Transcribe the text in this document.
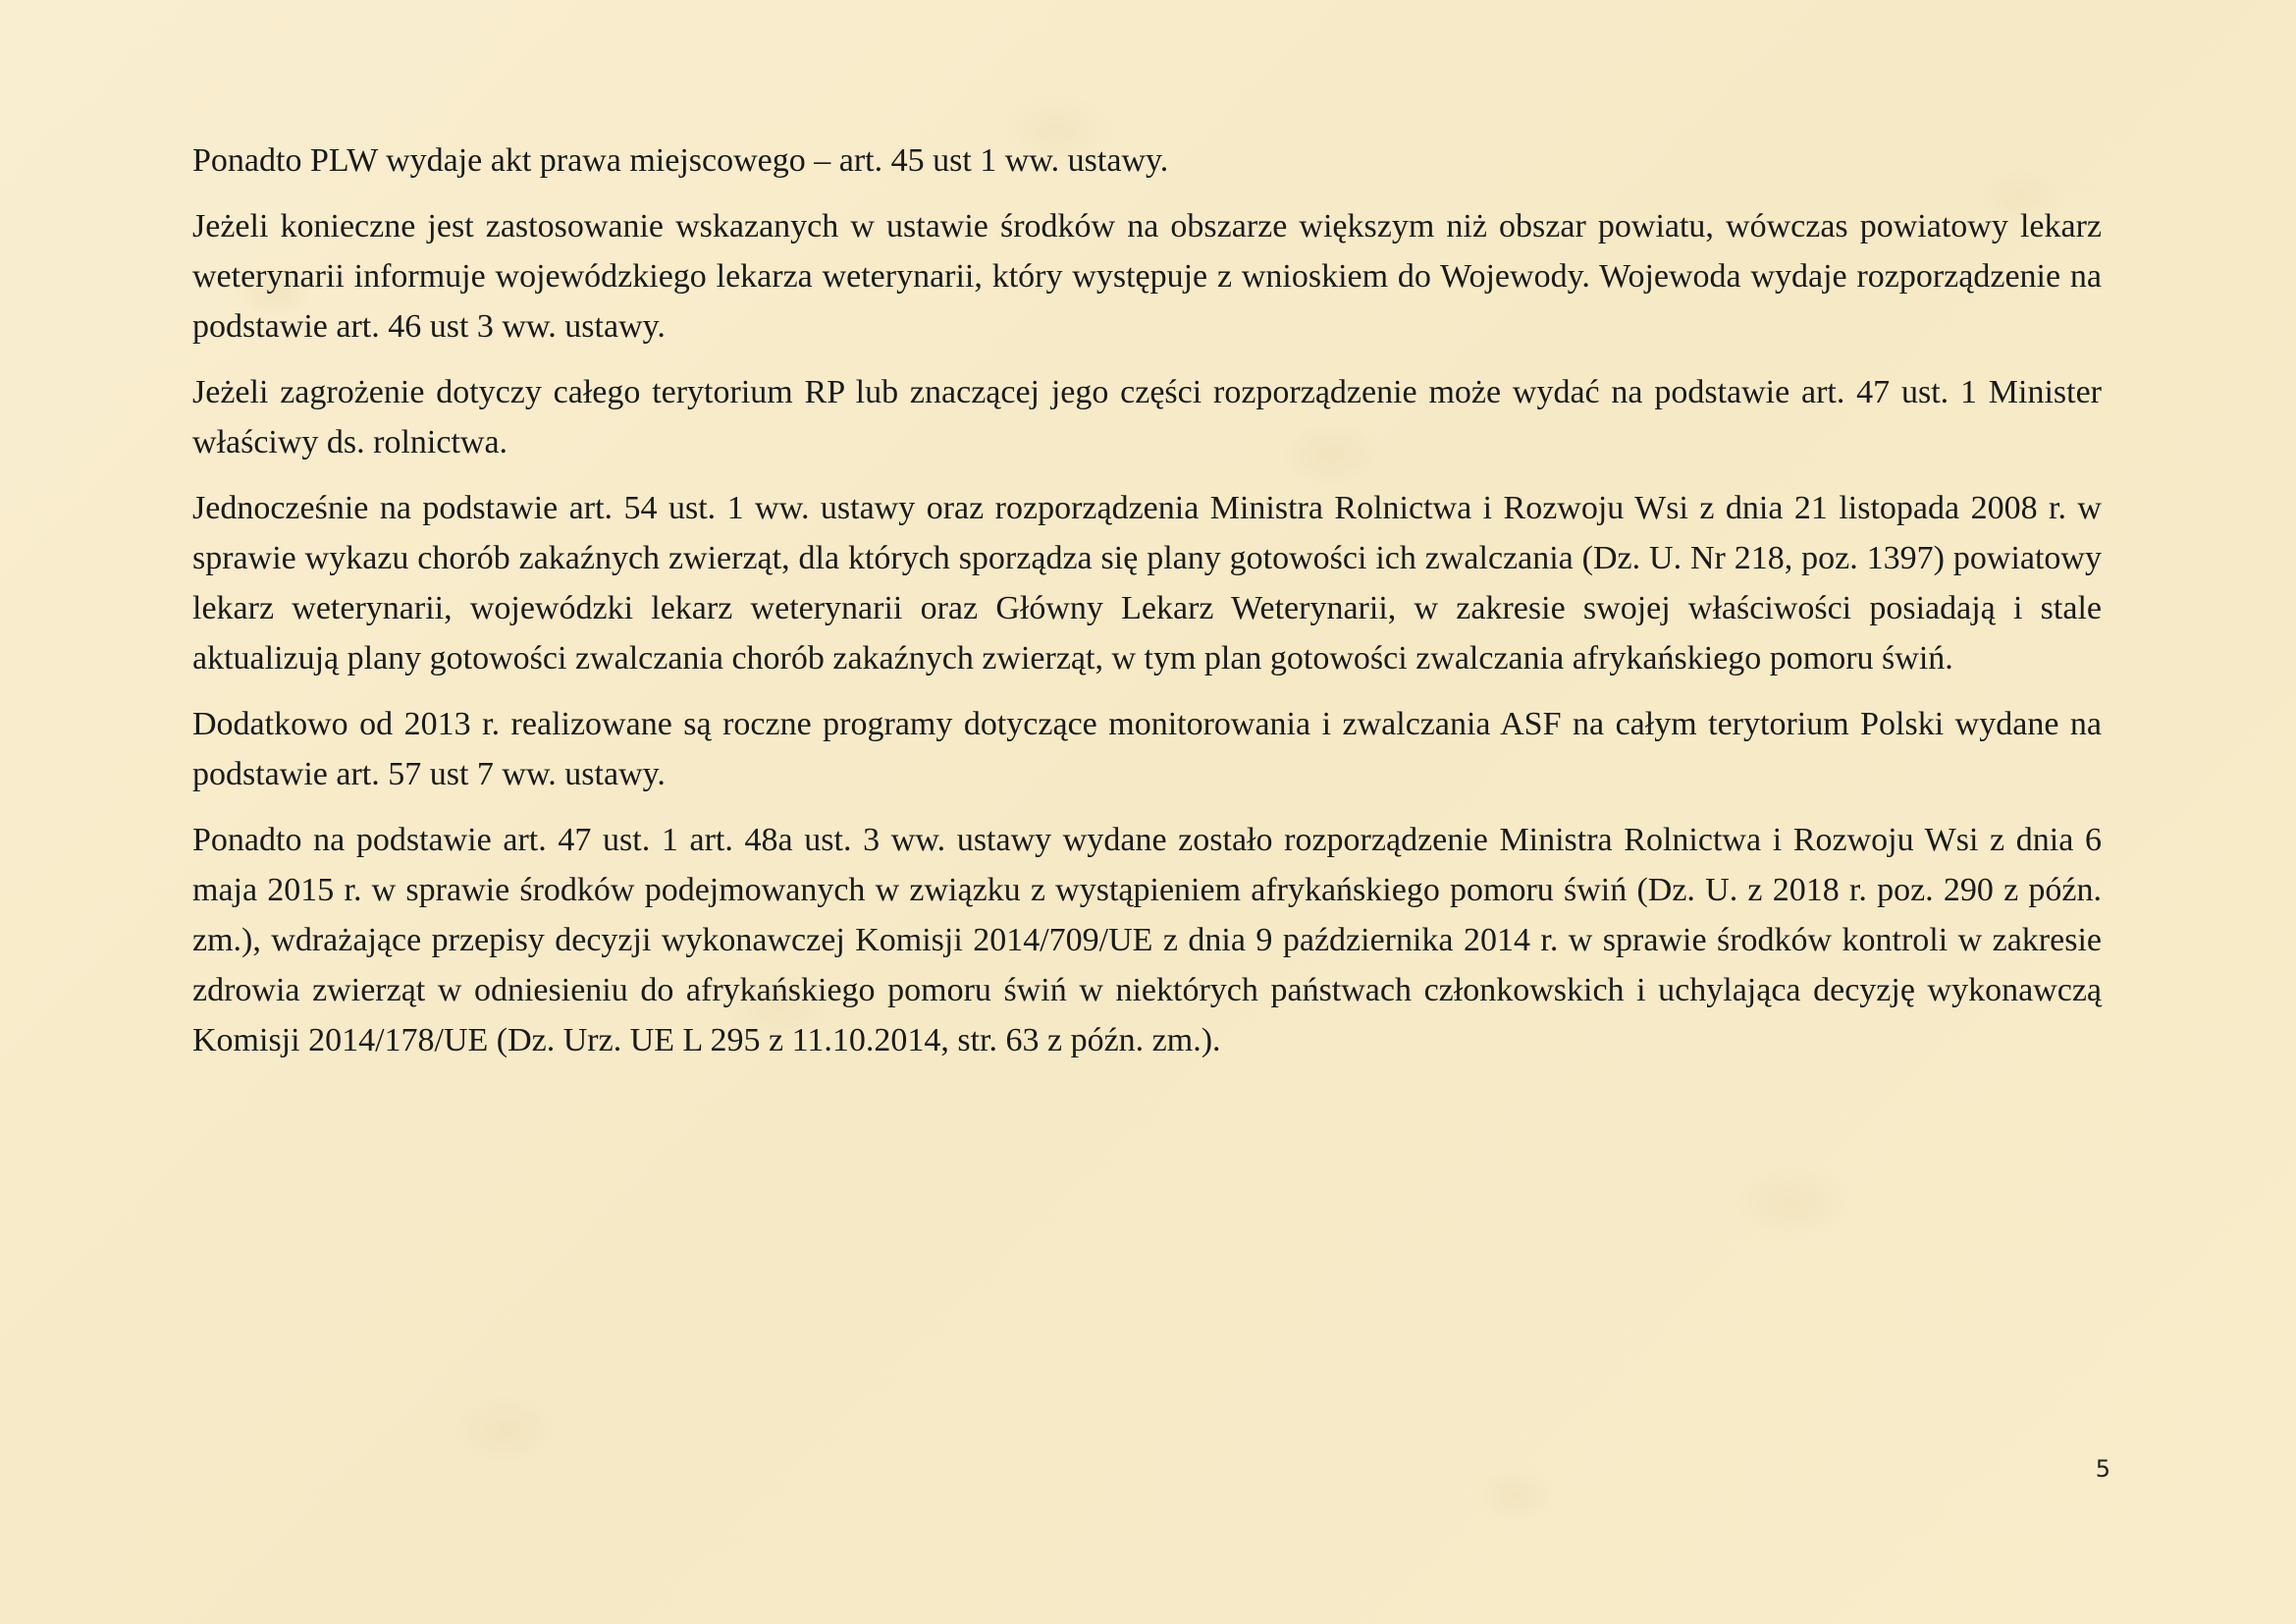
Ponadto PLW wydaje akt prawa miejscowego – art. 45 ust 1 ww. ustawy.

Jeżeli konieczne jest zastosowanie wskazanych w ustawie środków na obszarze większym niż obszar powiatu, wówczas powiatowy lekarz weterynarii informuje wojewódzkiego lekarza weterynarii, który występuje z wnioskiem do Wojewody. Wojewoda wydaje rozporządzenie na podstawie art. 46 ust 3 ww. ustawy.

Jeżeli zagrożenie dotyczy całego terytorium RP lub znaczącej jego części rozporządzenie może wydać na podstawie art. 47 ust. 1 Minister właściwy ds. rolnictwa.

Jednocześnie na podstawie art. 54 ust. 1 ww. ustawy oraz rozporządzenia Ministra Rolnictwa i Rozwoju Wsi z dnia 21 listopada 2008 r. w sprawie wykazu chorób zakaźnych zwierząt, dla których sporządza się plany gotowości ich zwalczania (Dz. U. Nr 218, poz. 1397) powiatowy lekarz weterynarii, wojewódzki lekarz weterynarii oraz Główny Lekarz Weterynarii, w zakresie swojej właściwości posiadają i stale aktualizują plany gotowości zwalczania chorób zakaźnych zwierząt, w tym plan gotowości zwalczania afrykańskiego pomoru świń.

Dodatkowo od 2013 r. realizowane są roczne programy dotyczące monitorowania i zwalczania ASF na całym terytorium Polski wydane na podstawie art. 57 ust 7 ww. ustawy.

Ponadto na podstawie art. 47 ust. 1 art. 48a ust. 3 ww. ustawy wydane zostało rozporządzenie Ministra Rolnictwa i Rozwoju Wsi z dnia 6 maja 2015 r. w sprawie środków podejmowanych w związku z wystąpieniem afrykańskiego pomoru świń (Dz. U. z 2018 r. poz. 290 z późn. zm.), wdrażające przepisy decyzji wykonawczej Komisji 2014/709/UE z dnia 9 października 2014 r. w sprawie środków kontroli w zakresie zdrowia zwierząt w odniesieniu do afrykańskiego pomoru świń w niektórych państwach członkowskich i uchylająca decyzję wykonawczą Komisji 2014/178/UE (Dz. Urz. UE L 295 z 11.10.2014, str. 63 z późn. zm.).

5
